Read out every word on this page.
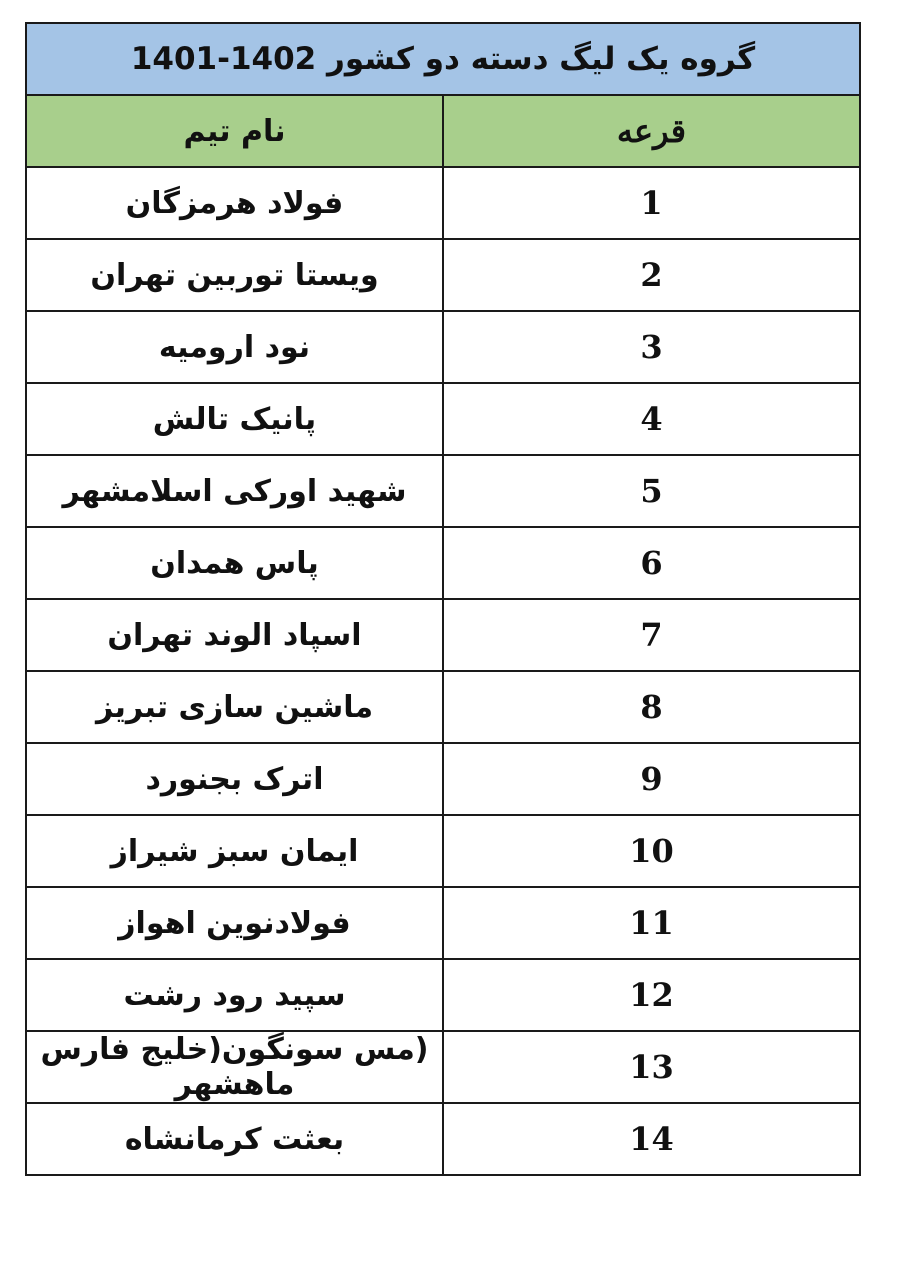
گروه یک لیگ دسته دو کشور 1402-1401	
نام تیم	قرعه
فولاد هرمزگان	1
ویستا توربین تهران	2
نود ارومیه	3
پانیک تالش	4
شهید اورکی اسلامشهر	5
پاس همدان	6
اسپاد الوند تهران	7
ماشین سازی تبریز	8
اترک بجنورد	9
ایمان سبز شیراز	10
فولادنوین اهواز	11
سپید رود رشت	12
(مس سونگون(خلیج فارس ماهشهر	13
بعثت کرمانشاه	14
